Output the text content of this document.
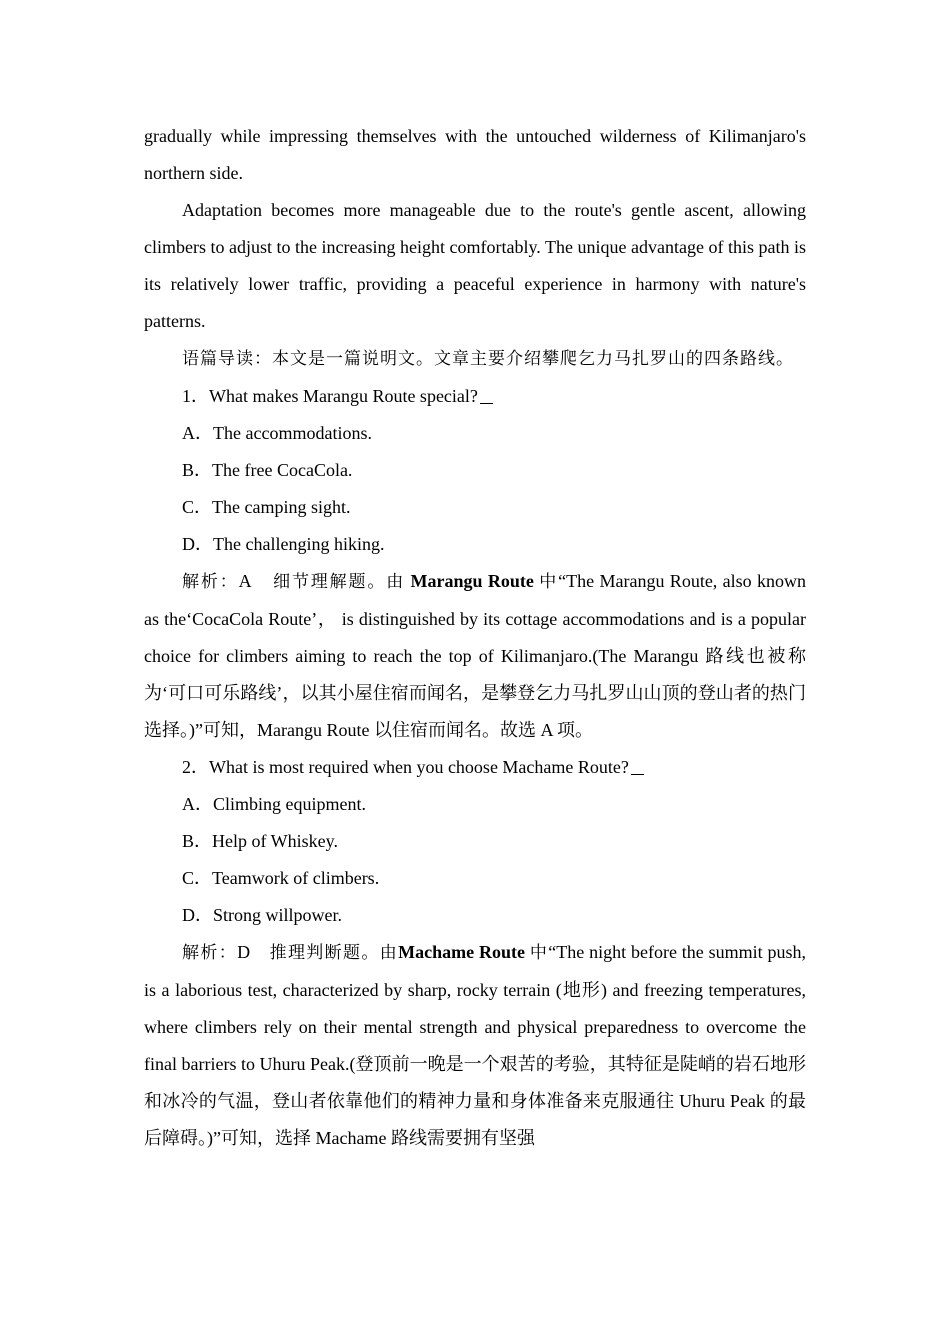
gradually while impressing themselves with the untouched wilderness of Kilimanjaro's northern side.

Adaptation becomes more manageable due to the route's gentle ascent, allowing climbers to adjust to the increasing height comfortably. The unique advantage of this path is its relatively lower traffic, providing a peaceful experience in harmony with nature's patterns.

语篇导读：本文是一篇说明文。文章主要介绍攀爬乞力马扎罗山的四条路线。

1．What makes Marangu Route special?

A．The accommodations.

B．The free CocaCola.

C．The camping sight.

D．The challenging hiking.

解析：A 细节理解题。由 Marangu Route 中“The Marangu Route, also known as the‘CocaCola Route’， is distinguished by its cottage accommodations and is a popular choice for climbers aiming to reach the top of Kilimanjaro.(The Marangu 路线也被称为‘可口可乐路线’，以其小屋住宿而闻名，是攀登乞力马扎罗山山顶的登山者的热门选择。)”可知，Marangu Route 以住宿而闻名。故选 A 项。

2．What is most required when you choose Machame Route?

A．Climbing equipment.

B．Help of Whiskey.

C．Teamwork of climbers.

D．Strong willpower.

解析：D 推理判断题。由Machame Route 中“The night before the summit push, is a laborious test, characterized by sharp, rocky terrain (地形) and freezing temperatures, where climbers rely on their mental strength and physical preparedness to overcome the final barriers to Uhuru Peak.(登顶前一晚是一个艰苦的考验，其特征是陡峭的岩石地形和冰冷的气温，登山者依靠他们的精神力量和身体准备来克服通往 Uhuru Peak 的最后障碍。)”可知，选择 Machame 路线需要拥有坚强
